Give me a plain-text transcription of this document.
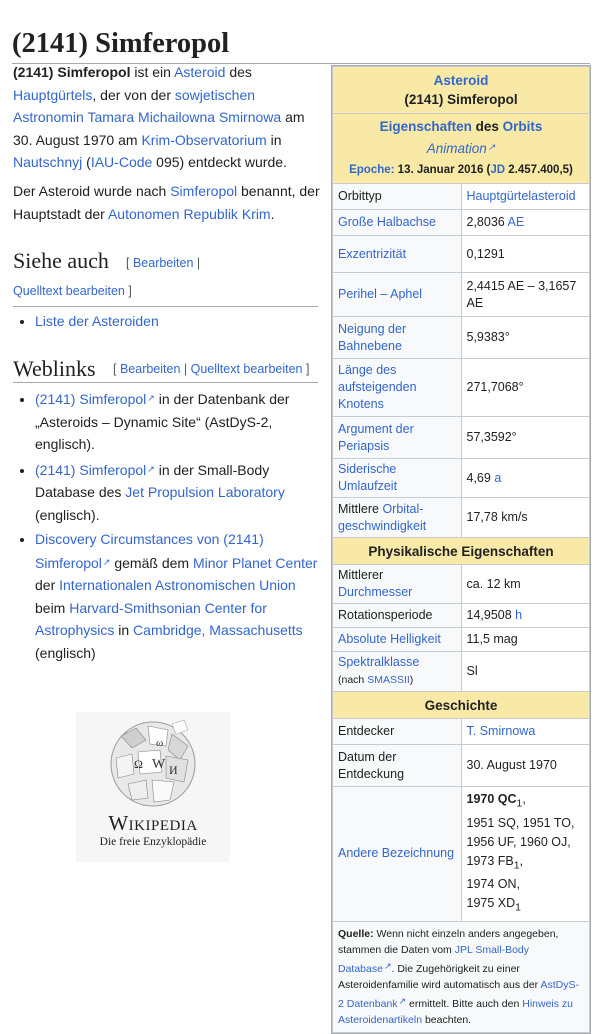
(2141) Simferopol

(2141) Simferopol ist ein Asteroid des Hauptgürtels, der von der sowjetischen Astronomin Tamara Michailowna Smirnowa am 30. August 1970 am Krim-Observatorium in Nautschnyj (IAU-Code 095) entdeckt wurde.

Der Asteroid wurde nach Simferopol benannt, der Hauptstadt der Autonomen Republik Krim.

Siehe auch [ Bearbeiten |
Quelltext bearbeiten ]
• Liste der Asteroiden
Weblinks [ Bearbeiten | Quelltext bearbeiten ]
• (2141) Simferopol ↗ in der Datenbank der „Asteroids – Dynamic Site“ (AstDyS-2, englisch).
• (2141) Simferopol ↗ in der Small-Body Database des Jet Propulsion Laboratory (englisch).
• Discovery Circumstances von (2141) Simferopol ↗ gemäß dem Minor Planet Center der Internationalen Astronomischen Union beim Harvard-Smithsonian Center for Astrophysics in Cambridge, Massachusetts (englisch)
W
Ω И
ω
Wikipedia
Die freie Enzyklopädie
Asteroid
(2141) Simferopol	
Eigenschaften des Orbits
Animation ↗
Epoche: 13. Januar 2016 (JD 2.457.400,5)
Orbittyp	Hauptgürtelasteroid
Große Halbachse	2,8036 AE
Exzentrizität	0,1291
Perihel – Aphel	2,4415 AE – 3,1657 AE
Neigung der Bahnebene	5,9383°
Länge des aufsteigenden Knotens	271,7068°
Argument der Periapsis	57,3592°
Siderische Umlaufzeit	4,69 a
Mittlere Orbitalgeschwindigkeit	17,78 km/s
Physikalische Eigenschaften	
Mittlerer Durchmesser	ca. 12 km
Rotationsperiode	14,9508 h
Absolute Helligkeit	11,5 mag
Spektralklasse
(nach SMASSII)	Sl
Geschichte	
Entdecker	T. Smirnowa
Datum der Entdeckung	30. August 1970
Andere Bezeichnung	1970 $QC_1$,
1951 SQ, 1951 TO, 1956 UF, 1960 OJ, 1973 $FB_1$,
1974 ON,
1975 $XD_1$
Quelle: Wenn nicht einzeln anders angegeben, stammen die Daten vom JPL Small-Body Database ↗ . Die Zugehörigkeit zu einer Asteroidenfamilie wird automatisch aus der AstDyS-2 Datenbank ↗ ermittelt. Bitte auch den Hinweis zu Asteroidenartikeln beachten.
